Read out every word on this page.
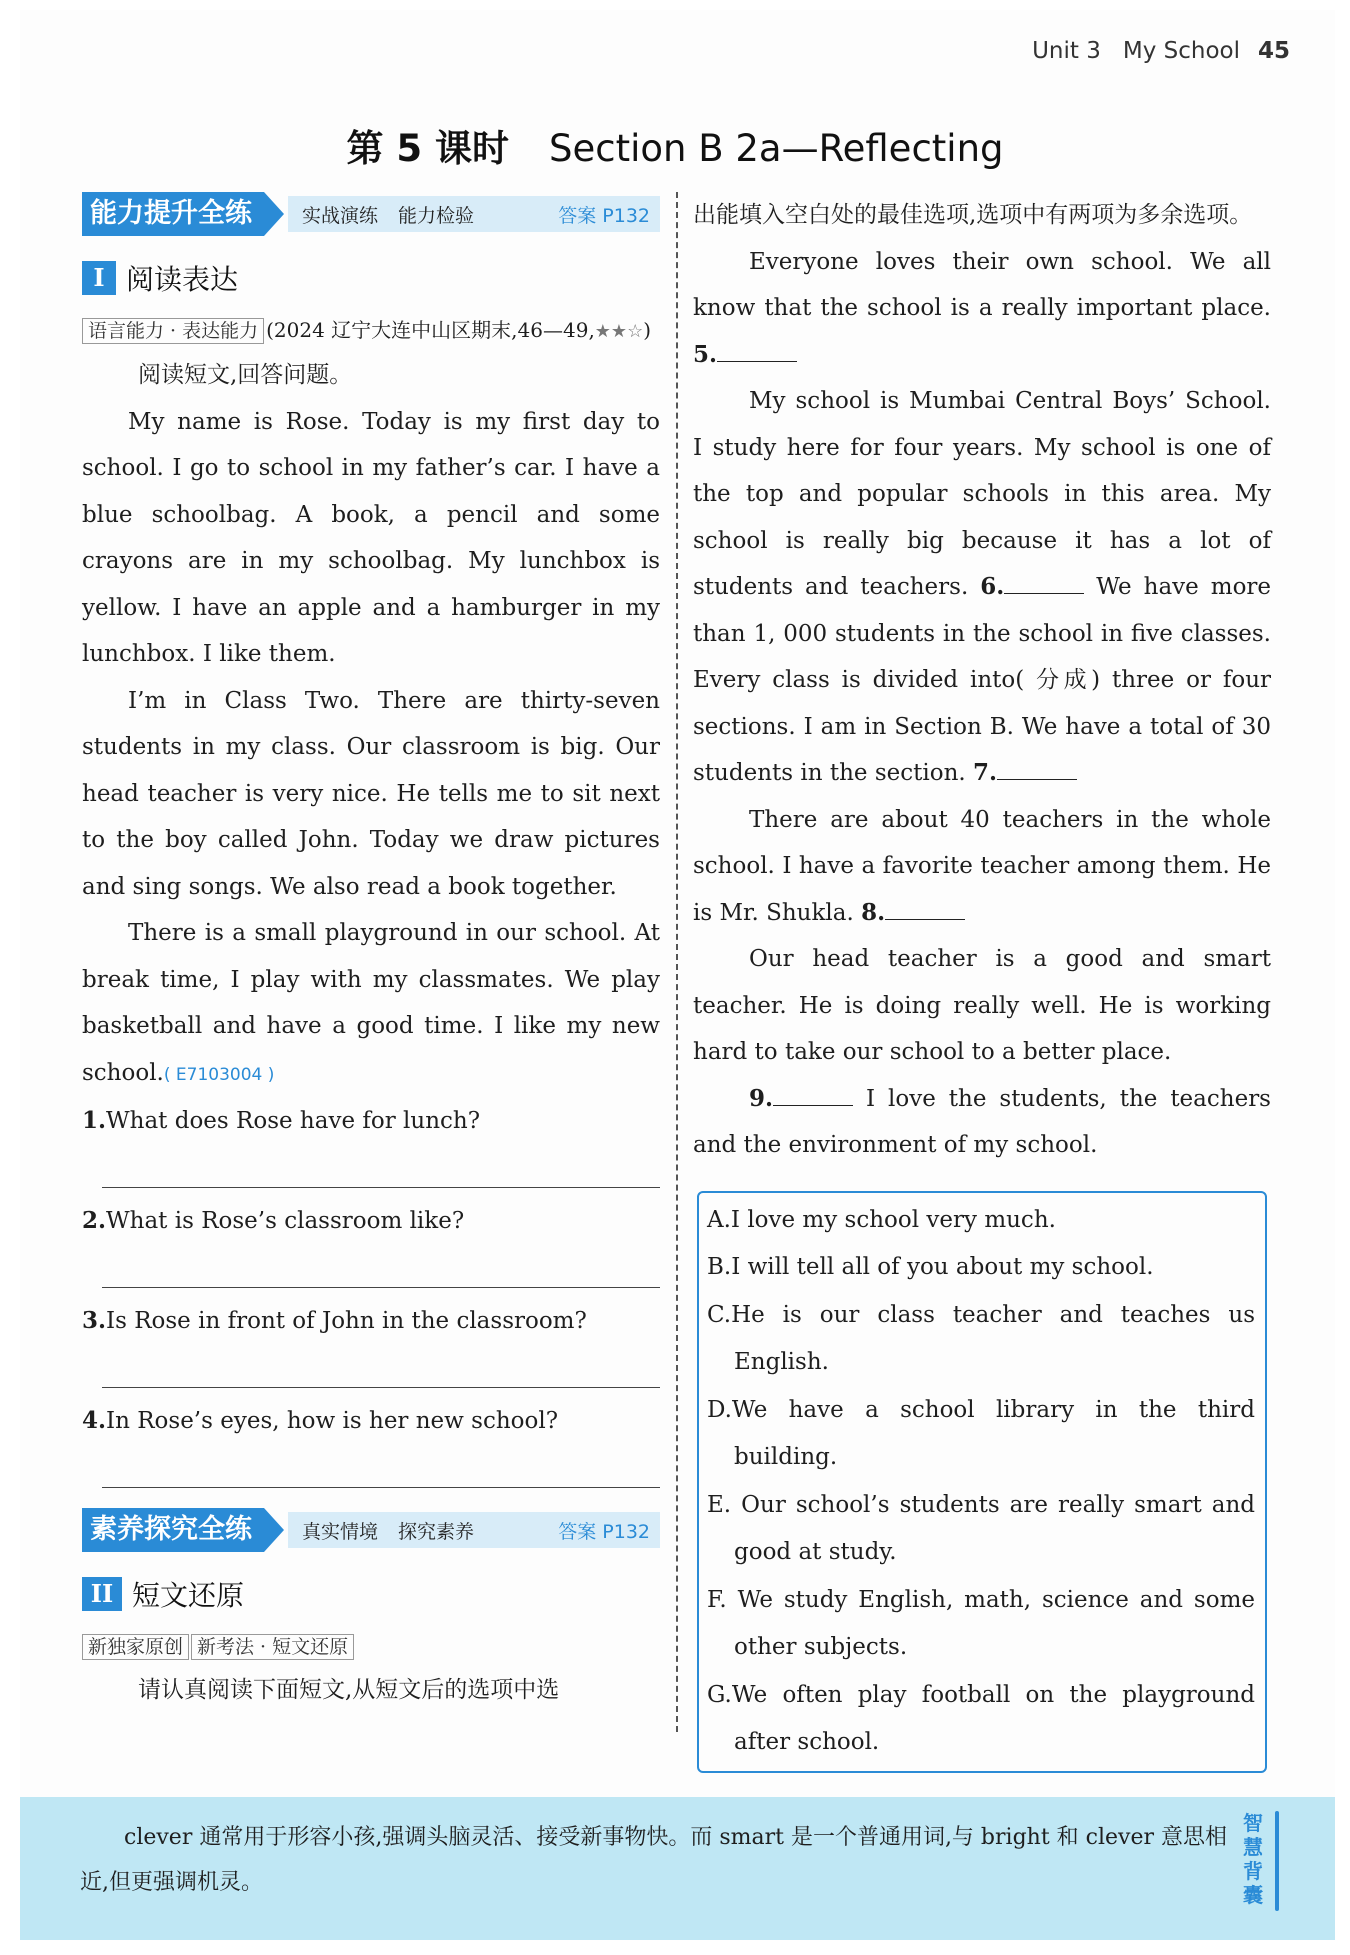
Unit 3 My School 45
第 5 课时 Section B 2a—Reflecting
能力提升全练	实战演练 能力检验	答案 P132
I 阅读表达
语言能力 · 表达能力 (2024 辽宁大连中山区期末,46—49,★★☆)

阅读短文,回答问题。

My name is Rose. Today is my first day to school. I go to school in my father’s car. I have a blue schoolbag. A book, a pencil and some crayons are in my schoolbag. My lunchbox is yellow. I have an apple and a hamburger in my lunchbox. I like them.

I’m in Class Two. There are thirty-seven students in my class. Our classroom is big. Our head teacher is very nice. He tells me to sit next to the boy called John. Today we draw pictures and sing songs. We also read a book together.

There is a small playground in our school. At break time, I play with my classmates. We play basketball and have a good time. I like my new school.( E7103004 )

1.What does Rose have for lunch?
2.What is Rose’s classroom like?
3.Is Rose in front of John in the classroom?
4.In Rose’s eyes, how is her new school?
素养探究全练	真实情境 探究素养	答案 P132
II 短文还原
新独家原创 新考法 · 短文还原

请认真阅读下面短文,从短文后的选项中选

出能填入空白处的最佳选项,选项中有两项为多余选项。

Everyone loves their own school. We all know that the school is a really important place. 5.

My school is Mumbai Central Boys’ School. I study here for four years. My school is one of the top and popular schools in this area. My school is really big because it has a lot of students and teachers. 6.	We have more than 1, 000 students in the school in five classes. Every class is divided into( 分成) three or four sections. I am in Section B. We have a total of 30 students in the section. 7.

There are about 40 teachers in the whole school. I have a favorite teacher among them. He is Mr. Shukla. 8.

Our head teacher is a good and smart teacher. He is doing really well. He is working hard to take our school to a better place.

9.	I love the students, the teachers and the environment of my school.

A.I love my school very much.
B.I will tell all of you about my school.
C.He is our class teacher and teaches us English.
D.We have a school library in the third building.
E. Our school’s students are really smart and good at study.
F. We study English, math, science and some other subjects.
G.We often play football on the playground after school.
clever 通常用于形容小孩,强调头脑灵活、接受新事物快。而 smart 是一个普通用词,与 bright 和 clever 意思相近,但更强调机灵。
智慧背囊
